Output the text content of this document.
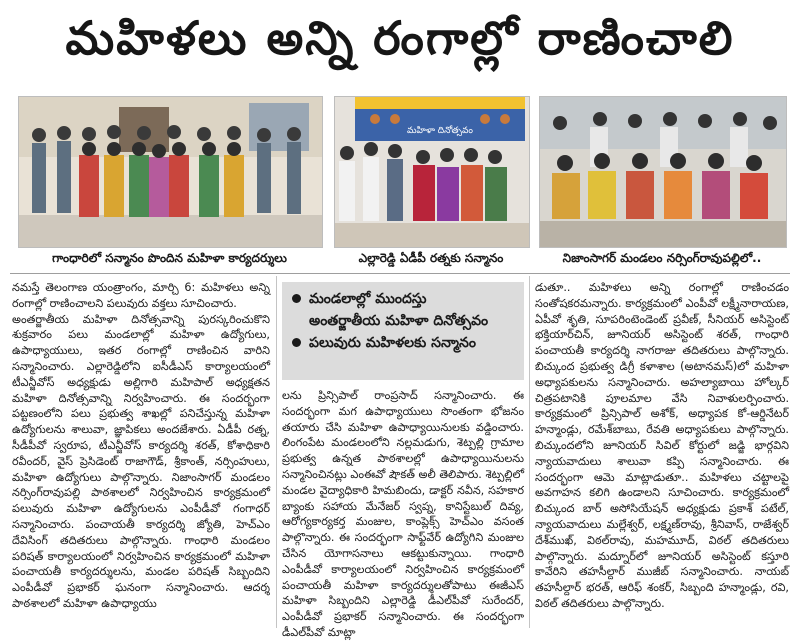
మహిళలు అన్ని రంగాల్లో రాణించాలి
గాంధారిలో సన్మానం పొందిన మహిళా కార్యదర్శులు
మహిళా దినోత్సవం
ఎల్లారెడ్డి ఏడీపీ రత్నకు సన్మానం	నిజాంసాగర్ మండలం నర్సింగ్‌రావుపల్లిలో..

నమస్తే తెలంగాణ యంత్రాంగం, మార్చి 6: మహిళలు అన్ని రంగాల్లో రాణించాలని పలువురు వక్తలు సూచించారు.

అంతర్జాతీయ మహిళా దినోత్సవాన్ని పురస్కరించుకొని శుక్రవారం పలు మండలాల్లో మహిళా ఉద్యోగులు, ఉపాధ్యాయులు, ఇతర రంగాల్లో రాణించిన వారిని సన్మానించారు. ఎల్లారెడ్డిలోని ఐసీడీఎస్ కార్యాలయంలో టీఎన్జీవోస్ అధ్యక్షుడు అల్లిగారి మహిపాల్ అధ్యక్షతన మహిళా దినోత్సవాన్ని నిర్వహించారు. ఈ సందర్భంగా పట్టణంలోని పలు ప్రభుత్వ శాఖల్లో పనిచేస్తున్న మహిళా ఉద్యోగులను శాలువా, జ్ఞాపికలు అందజేశారు. ఏడీపీ రత్న, సీడీపీవో స్వరూప, టీఎన్జీవోస్ కార్యదర్శి శరత్, కోశాధికారి రవీందర్, వైస్ ప్రెసిడెంట్ రాజాగౌడ్, శ్రీకాంత్, నర్సింహులు, మహిళా ఉద్యోగులు పాల్గొన్నారు. నిజాంసాగర్ మండలం నర్సింగ్‌రావుపల్లి పాఠశాలలో నిర్వహించిన కార్యక్రమంలో పలువురు మహిళా ఉద్యోగులను ఎంపీడీవో గంగాధర్ సన్మానించారు. పంచాయతీ కార్యదర్శి జ్యోతి, హెచ్‌ఎం దేవిసింగ్ తదితరులు పాల్గొన్నారు. గాంధారి మండలం పరిషత్ కార్యాలయంలో నిర్వహించిన కార్యక్రమంలో మహిళా పంచాయతీ కార్యదర్శులను, మండల పరిషత్ సిబ్బందిని ఎంపీడీవో ప్రభాకర్ ఘనంగా సన్మానించారు. ఆదర్శ పాఠశాలలో మహిళా ఉపాధ్యాయు

మండలాల్లో ముందస్తు
అంతర్జాతీయ మహిళా దినోత్సవం
పలువురు మహిళలకు సన్మానం

లను ప్రిన్సిపాల్ రాంప్రసాద్ సన్మానించారు. ఈ సందర్భంగా మగ ఉపాధ్యాయులు సొంతంగా భోజనం తయారు చేసి మహిళా ఉపాధ్యాయినులకు వడ్డించారు. లింగంపేట మండలంలోని నల్లమడుగు, శెట్పల్లి గ్రామాల ప్రభుత్వ ఉన్నత పాఠశాలల్లో ఉపాధ్యాయినులను సన్మానించినట్లు ఎంఈవో షౌకత్ అలీ తెలిపారు. శెట్పల్లిలో మండల వైద్యాధికారి హిమబిందు, డాక్టర్ నవీన, సహకార బ్యాంకు సహాయ మేనేజర్ స్వప్న, కానిస్టేబుల్ దివ్య, ఆరోగ్యకార్యకర్త మంజుల, కాంప్లెక్స్ హెచ్‌ఎం వసంత పాల్గొన్నారు. ఈ సందర్భంగా సాఫ్ట్‌వేర్ ఉద్యోగిని మంజుల చేసిన యోగాసనాలు ఆకట్టుకున్నాయి. గాంధారి ఎంపీడీవో కార్యాలయంలో నిర్వహించిన కార్యక్రమంలో పంచాయతీ మహిళా కార్యదర్శులతోపాటు ఈజీఎస్ మహిళా సిబ్బందిని ఎల్లారెడ్డి డీఎల్‌పీవో సురేందర్, ఎంపీడీవో ప్రభాకర్ సన్మానించారు. ఈ సందర్భంగా డీఎల్‌పీవో మాట్లా

డుతూ.. మహిళలు అన్ని రంగాల్లో రాణించడం సంతోషకరమన్నారు. కార్యక్రమంలో ఎంపీవో లక్ష్మీనారాయణ, ఏపీవో శృతి, సూపరింటెండెంట్ ప్రవీణ్, సీనియర్ అసిస్టెంట్ భక్తియార్‌చిన్, జూనియర్ అసిస్టెంట్ శరత్, గాంధారి పంచాయతీ కార్యదర్శి నాగరాజు తదితరులు పాల్గొన్నారు. బిచ్కుంద ప్రభుత్వ డిగ్రీ కళాశాల (అటానమస్)లో మహిళా అధ్యాపకులను సన్మానించారు. అహల్యాబాయి హోల్కర్ చిత్రపటానికి పూలమాల వేసి నివాళులర్పించారు. కార్యక్రమంలో ప్రిన్సిపాల్ అశోక్, అధ్యాపక కో-ఆర్డినేటర్ హన్మాండ్లు, రమేశ్‌బాబు, రేవతి అధ్యాపకులు పాల్గొన్నారు. బిచ్కుందలోని జూనియర్ సివిల్ కోర్టులో జడ్జి భార్గవిని న్యాయవాదులు శాలువా కప్పి సన్మానించారు. ఈ సందర్భంగా ఆమె మాట్లాడుతూ.. మహిళలు చట్టాలపై అవగాహన కలిగి ఉండాలని సూచించారు. కార్యక్రమంలో బిచ్కుంద బార్ అసోసియేషన్ అధ్యక్షుడు ప్రకాశ్ పటేల్, న్యాయవాదులు మల్లేశ్వర్, లక్ష్మణ్‌రావు, శ్రీనివాస్, రాజేశ్వర్ దేశ్‌ముఖ్, విఠల్‌రావు, మహమూద్, విఠల్ తదితరులు పాల్గొన్నారు. మద్నూర్‌లో జూనియర్ అసిస్టెంట్ కస్తూరి కావేరిని తహసీల్దార్ ముజీబ్ సన్మానించారు. నాయబ్ తహసీల్దార్ భరత్, ఆరిఫ్ శంకర్, సిబ్బంది హన్మాండ్లు, రవి, విఠల్ తదితరులు పాల్గొన్నారు.
